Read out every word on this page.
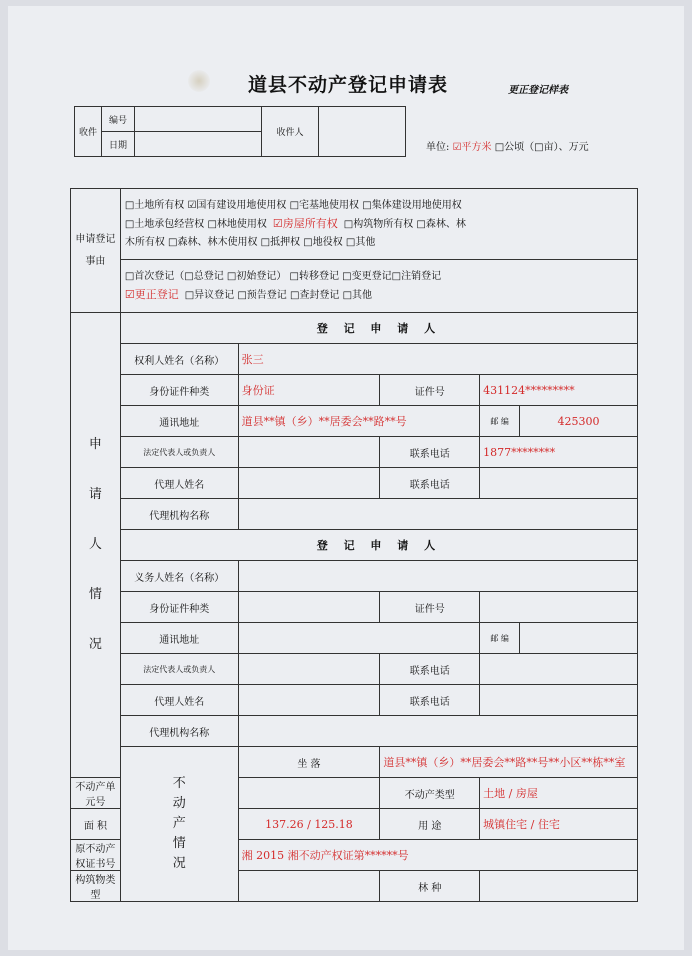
道县不动产登记申请表	更正登记样表
收件	编号		收件人	
	日期				单位: ☑平方米 □公顷（□亩）、万元
申请登记事由	□土地所有权 ☑国有建设用地使用权 □宅基地使用权 □集体建设用地使用权
□土地承包经营权 □林地使用权 ☑房屋所有权 □构筑物所有权 □森林、林
木所有权 □森林、林木使用权 □抵押权 □地役权 □其他				

	□首次登记（□总登记 □初始登记） □转移登记 □变更登记□注销登记
☑更正登记 □异议登记 □预告登记 □查封登记 □其他				

申请人情况	登 记 申 请 人				
	权利人姓名（名称）	张三			
	身份证件种类	身份证	证件号	431124*********	
	通讯地址	道县**镇（乡）**居委会**路**号		邮 编	425300
	法定代表人或负责人		联系电话	1877********	
	代理人姓名		联系电话		
	代理机构名称				
	登 记 申 请 人				
	义务人姓名（名称）				
	身份证件种类		证件号		
	通讯地址			邮 编	
	法定代表人或负责人		联系电话		
	代理人姓名		联系电话		
	代理机构名称				

	不动产情况	坐 落	道县**镇（乡）**居委会**路**号**小区**栋**室		
不动产单元号			不动产类型	土地 / 房屋	
面 积		137.26 / 125.18	用 途	城镇住宅 / 住宅	
原不动产权证书号		湘 2015 湘不动产权证第******号			
构筑物类型			林 种		
